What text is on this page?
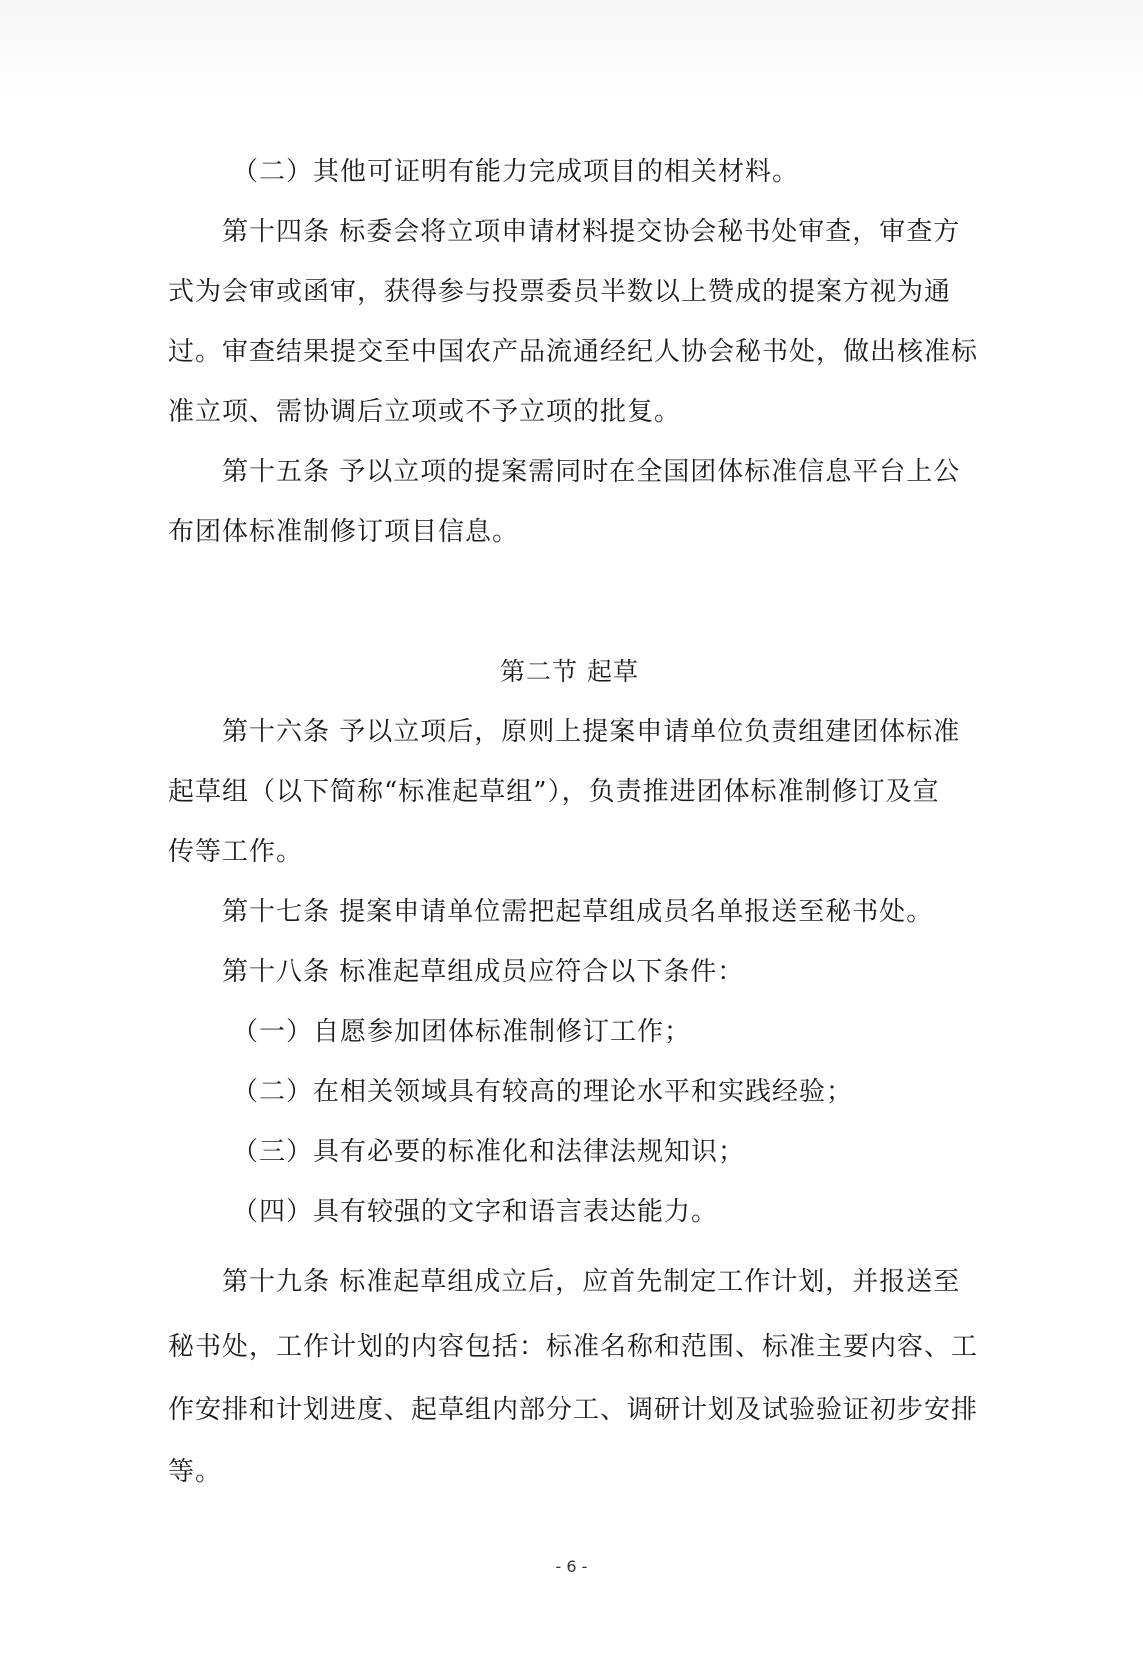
（二）其他可证明有能力完成项目的相关材料。
第十四条 标委会将立项申请材料提交协会秘书处审查，审查方
式为会审或函审，获得参与投票委员半数以上赞成的提案方视为通
过。审查结果提交至中国农产品流通经纪人协会秘书处，做出核准标
准立项、需协调后立项或不予立项的批复。
第十五条 予以立项的提案需同时在全国团体标准信息平台上公
布团体标准制修订项目信息。
第二节 起草
第十六条 予以立项后，原则上提案申请单位负责组建团体标准
起草组（以下简称“标准起草组”），负责推进团体标准制修订及宣
传等工作。
第十七条 提案申请单位需把起草组成员名单报送至秘书处。
第十八条 标准起草组成员应符合以下条件：
（一）自愿参加团体标准制修订工作；
（二）在相关领域具有较高的理论水平和实践经验；
（三）具有必要的标准化和法律法规知识；
（四）具有较强的文字和语言表达能力。
第十九条 标准起草组成立后，应首先制定工作计划，并报送至
秘书处，工作计划的内容包括：标准名称和范围、标准主要内容、工
作安排和计划进度、起草组内部分工、调研计划及试验验证初步安排
等。
- 6 -
